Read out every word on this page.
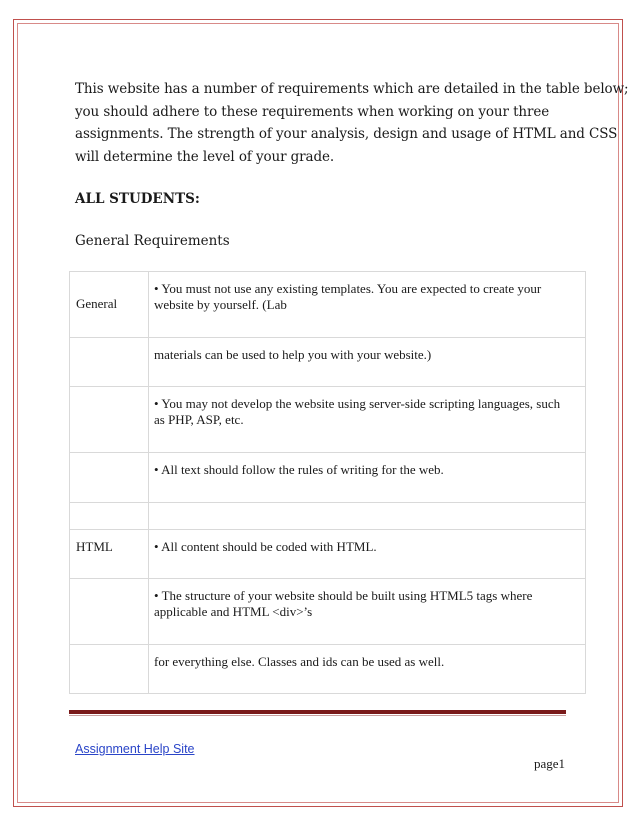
This website has a number of requirements which are detailed in the table below;
you should adhere to these requirements when working on your three
assignments. The strength of your analysis, design and usage of HTML and CSS
will determine the level of your grade.

ALL STUDENTS:
General Requirements
General	• You must not use any existing templates. You are expected to create your
website by yourself. (Lab

	materials can be used to help you with your website.)

	• You may not develop the website using server-side scripting languages, such
as PHP, ASP, etc.

	• All text should follow the rules of writing for the web.

HTML	• All content should be coded with HTML.

	• The structure of your website should be built using HTML5 tags where
applicable and HTML <div>’s

	for everything else. Classes and ids can be used as well.
Assignment Help Site
page1
